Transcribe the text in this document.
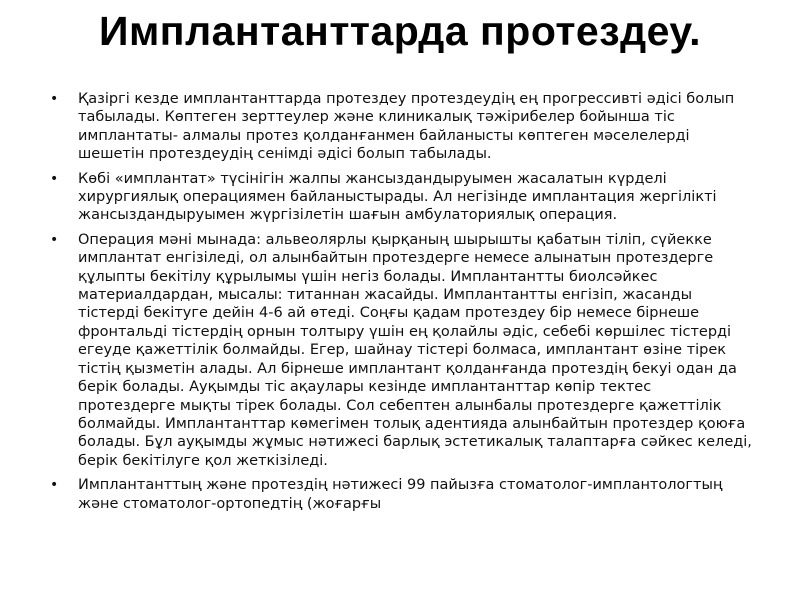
Имплантанттарда протездеу.
• Қазіргі кезде имплантанттарда протездеу протездеудің ең прогрессивті әдісі болып табылады. Көптеген зерттеулер және клиникалық тәжірибелер бойынша тіс имплантаты- алмалы протез қолданғанмен байланысты көптеген мәселелерді шешетін протездеудің сенімді әдісі болып табылады.
• Көбі «имплантат» түсінігін жалпы жансыздандыруымен жасалатын күрделі хирургиялық операциямен байланыстырады. Ал негізінде имплантация жергілікті жансыздандыруымен жүргізілетін шағын амбулаториялық операция.
• Операция мәні мынада: альвеолярлы қырқаның шырышты қабатын тіліп, сүйекке имплантат енгізіледі, ол алынбайтын протездерге немесе алынатын протездерге құлыпты бекітілу құрылымы үшін негіз болады. Имплантантты биолсәйкес материалдардан, мысалы: титаннан жасайды. Имплантантты енгізіп, жасанды тістерді бекітуге дейін 4-6 ай өтеді. Соңғы қадам протездеу бір немесе бірнеше фронтальді тістердің орнын толтыру үшін ең қолайлы әдіс, себебі көршілес тістерді егеуде қажеттілік болмайды. Егер, шайнау тістері болмаса, имплантант өзіне тірек тістің қызметін алады. Ал бірнеше имплантант қолданғанда протездің бекуі одан да берік болады. Ауқымды тіс ақаулары кезінде имплантанттар көпір тектес протездерге мықты тірек болады. Сол себептен алынбалы протездерге қажеттілік болмайды. Имплантанттар көмегімен толық адентияда алынбайтын протездер қоюға болады. Бұл ауқымды жұмыс нәтижесі барлық эстетикалық талаптарға сәйкес келеді, берік бекітілуге қол жеткізіледі.
• Имплантанттың және протездің нәтижесі 99 пайызға стоматолог-имплантологтың және стоматолог-ортопедтің (жоғарғы
